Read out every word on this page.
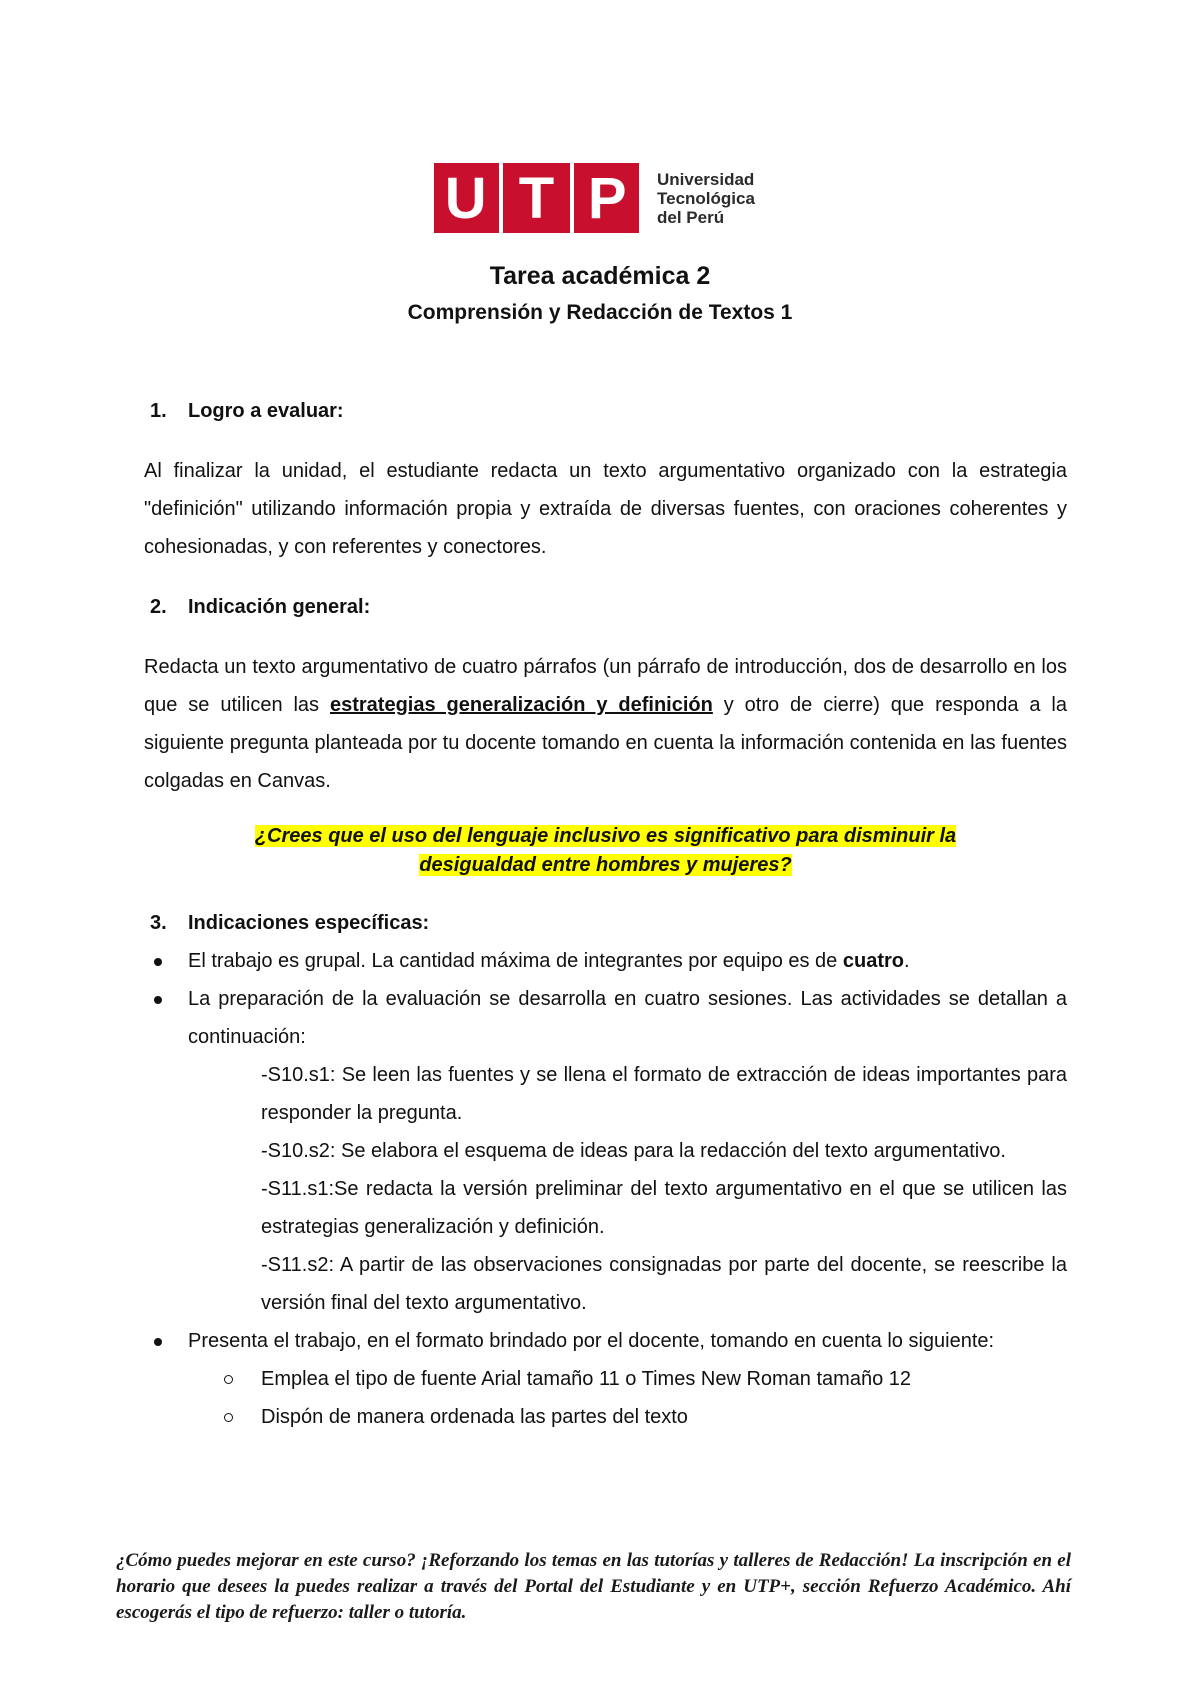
U T P	Universidad
Tecnológica
del Perú
Tarea académica 2
Comprensión y Redacción de Textos 1
1. Logro a evaluar:

Al finalizar la unidad, el estudiante redacta un texto argumentativo organizado con la estrategia "definición" utilizando información propia y extraída de diversas fuentes, con oraciones coherentes y cohesionadas, y con referentes y conectores.

2. Indicación general:

Redacta un texto argumentativo de cuatro párrafos (un párrafo de introducción, dos de desarrollo en los que se utilicen las estrategias generalización y definición y otro de cierre) que responda a la siguiente pregunta planteada por tu docente tomando en cuenta la información contenida en las fuentes colgadas en Canvas.

¿Crees que el uso del lenguaje inclusivo es significativo para disminuir la
desigualdad entre hombres y mujeres?
3. Indicaciones específicas:
El trabajo es grupal. La cantidad máxima de integrantes por equipo es de cuatro.
La preparación de la evaluación se desarrolla en cuatro sesiones. Las actividades se detallan a continuación:
-S10.s1: Se leen las fuentes y se llena el formato de extracción de ideas importantes para responder la pregunta.
-S10.s2: Se elabora el esquema de ideas para la redacción del texto argumentativo.
-S11.s1:Se redacta la versión preliminar del texto argumentativo en el que se utilicen las estrategias generalización y definición.
-S11.s2: A partir de las observaciones consignadas por parte del docente, se reescribe la versión final del texto argumentativo.
Presenta el trabajo, en el formato brindado por el docente, tomando en cuenta lo siguiente:
Emplea el tipo de fuente Arial tamaño 11 o Times New Roman tamaño 12
Dispón de manera ordenada las partes del texto
¿Cómo puedes mejorar en este curso? ¡Reforzando los temas en las tutorías y talleres de Redacción! La inscripción en el horario que desees la puedes realizar a través del Portal del Estudiante y en UTP+, sección Refuerzo Académico. Ahí escogerás el tipo de refuerzo: taller o tutoría.
